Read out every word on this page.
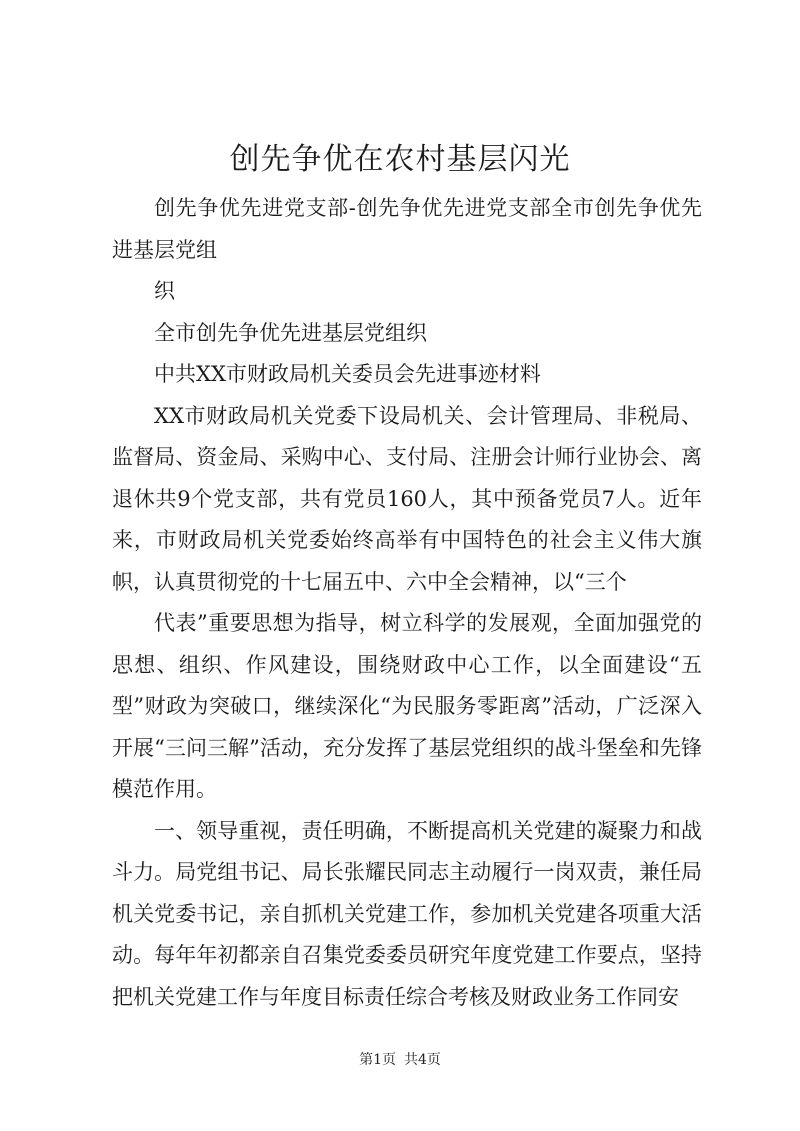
创先争优在农村基层闪光

创先争优先进党支部-创先争优先进党支部全市创先争优先进基层党组

织

全市创先争优先进基层党组织

中共XX市财政局机关委员会先进事迹材料

XX市财政局机关党委下设局机关、会计管理局、非税局、监督局、资金局、采购中心、支付局、注册会计师行业协会、离退休共9个党支部，共有党员160人，其中预备党员7人。近年来，市财政局机关党委始终高举有中国特色的社会主义伟大旗帜，认真贯彻党的十七届五中、六中全会精神，以“三个

代表”重要思想为指导，树立科学的发展观，全面加强党的思想、组织、作风建设，围绕财政中心工作，以全面建设“五型”财政为突破口，继续深化“为民服务零距离”活动，广泛深入开展“三问三解”活动，充分发挥了基层党组织的战斗堡垒和先锋模范作用。

一、领导重视，责任明确，不断提高机关党建的凝聚力和战斗力。局党组书记、局长张耀民同志主动履行一岗双责，兼任局机关党委书记，亲自抓机关党建工作，参加机关党建各项重大活动。每年年初都亲自召集党委委员研究年度党建工作要点，坚持把机关党建工作与年度目标责任综合考核及财政业务工作同安

第1页 共4页
